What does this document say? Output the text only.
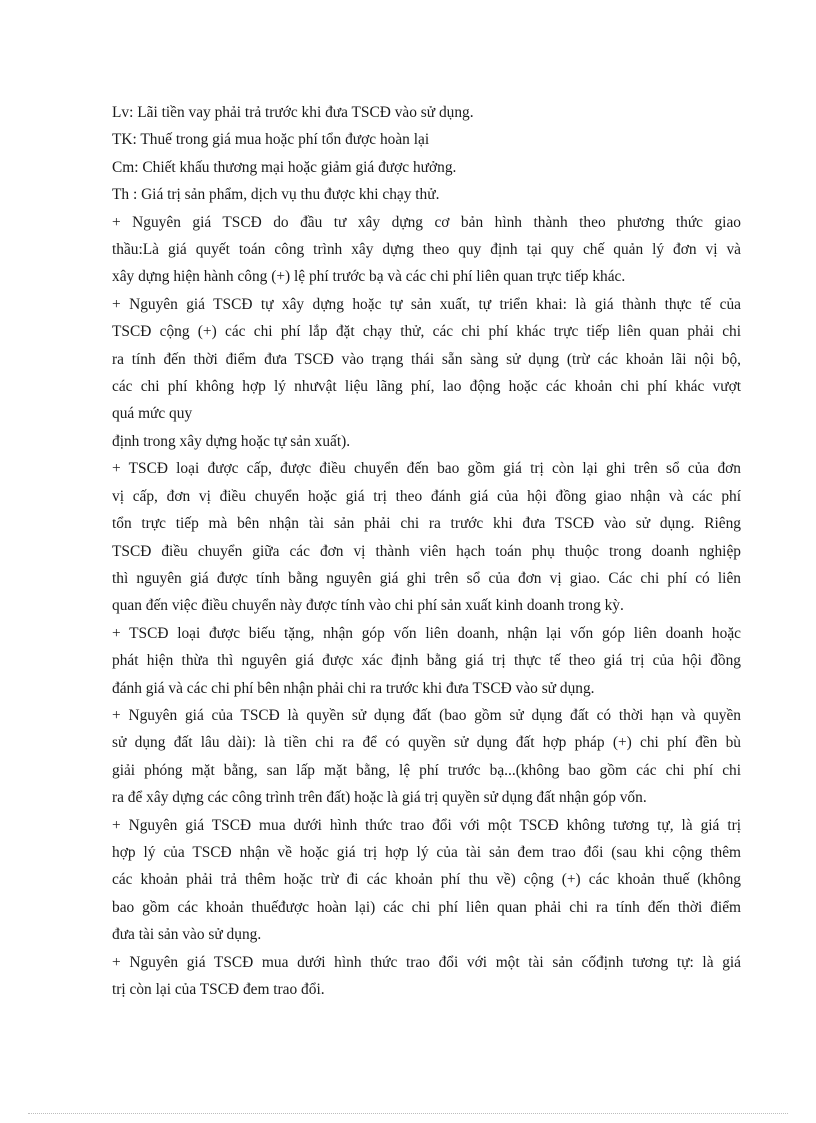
Lv: Lãi tiền vay phải trả trước khi đưa TSCĐ vào sử dụng.
TK: Thuế trong giá mua hoặc phí tổn được hoàn lại
Cm: Chiết khấu thương mại hoặc giảm giá được hưởng.
Th : Giá trị sản phẩm, dịch vụ thu được khi chạy thử.
+ Nguyên giá TSCĐ do đầu tư xây dựng cơ bản hình thành theo phương thức giao
thầu:Là giá quyết toán công trình xây dựng theo quy định tại quy chế quản lý đơn vị và
xây dựng hiện hành công (+) lệ phí trước bạ và các chi phí liên quan trực tiếp khác.
+ Nguyên giá TSCĐ tự xây dựng hoặc tự sản xuất, tự triển khai: là giá thành thực tế của
TSCĐ cộng (+) các chi phí lắp đặt chạy thử, các chi phí khác trực tiếp liên quan phải chi
ra tính đến thời điểm đưa TSCĐ vào trạng thái sẵn sàng sử dụng (trừ các khoản lãi nội bộ,
các chi phí không hợp lý nhưvật liệu lãng phí, lao động hoặc các khoản chi phí khác vượt
quá mức quy
định trong xây dựng hoặc tự sản xuất).
+ TSCĐ loại được cấp, được điều chuyển đến bao gồm giá trị còn lại ghi trên sổ của đơn
vị cấp, đơn vị điều chuyển hoặc giá trị theo đánh giá của hội đồng giao nhận và các phí
tổn trực tiếp mà bên nhận tài sản phải chi ra trước khi đưa TSCĐ vào sử dụng. Riêng
TSCĐ điều chuyển giữa các đơn vị thành viên hạch toán phụ thuộc trong doanh nghiệp
thì nguyên giá được tính bằng nguyên giá ghi trên sổ của đơn vị giao. Các chi phí có liên
quan đến việc điều chuyển này được tính vào chi phí sản xuất kinh doanh trong kỳ.
+ TSCĐ loại được biếu tặng, nhận góp vốn liên doanh, nhận lại vốn góp liên doanh hoặc
phát hiện thừa thì nguyên giá được xác định bằng giá trị thực tế theo giá trị của hội đồng
đánh giá và các chi phí bên nhận phải chi ra trước khi đưa TSCĐ vào sử dụng.
+ Nguyên giá của TSCĐ là quyền sử dụng đất (bao gồm sử dụng đất có thời hạn và quyền
sử dụng đất lâu dài): là tiền chi ra để có quyền sử dụng đất hợp pháp (+) chi phí đền bù
giải phóng mặt bằng, san lấp mặt bằng, lệ phí trước bạ...(không bao gồm các chi phí chi
ra để xây dựng các công trình trên đất) hoặc là giá trị quyền sử dụng đất nhận góp vốn.
+ Nguyên giá TSCĐ mua dưới hình thức trao đổi với một TSCĐ không tương tự, là giá trị
hợp lý của TSCĐ nhận về hoặc giá trị hợp lý của tài sản đem trao đổi (sau khi cộng thêm
các khoản phải trả thêm hoặc trừ đi các khoản phí thu về) cộng (+) các khoản thuế (không
bao gồm các khoản thuếđược hoàn lại) các chi phí liên quan phải chi ra tính đến thời điểm
đưa tài sản vào sử dụng.
+ Nguyên giá TSCĐ mua dưới hình thức trao đổi với một tài sản cốđịnh tương tự: là giá
trị còn lại của TSCĐ đem trao đổi.
